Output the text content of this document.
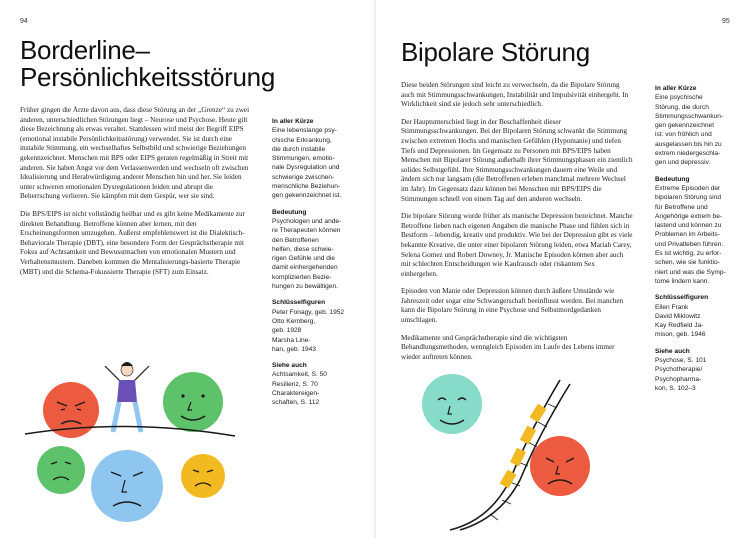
94
Borderline–
Persönlichkeitsstörung

Früher gingen die Ärzte davon aus, dass diese Störung an der „Grenze“ zu zwei anderen, unterschiedlichen Störungen liegt – Neurose und Psychose. Heute gilt diese Bezeichnung als etwas veraltet. Stattdessen wird meist der Begriff EIPS (emotional instabile Persönlichkeitsstörung) verwendet. Sie ist durch eine instabile Stimmung, ein wechselhaftes Selbstbild und schwierige Beziehungen gekennzeichnet. Menschen mit BPS oder EIPS geraten regelmäßig in Streit mit anderen. Sie haben Angst vor dem Verlassenwerden und wechseln oft zwischen Idealisierung und Herabwürdigung anderer Menschen hin und her. Sie leiden unter schweren emotionalen Dysregulationen leiden und abrupt die Beherrschung verlieren. Sie kämpfen mit dem Gespür, wer sie sind.

Die BPS/EIPS ist nicht vollständig heilbar und es gibt keine Medikamente zur direkten Behandlung. Betroffene können aber lernen, mit den Erscheinungsformen umzugehen. Äußerst empfehlenswert ist die Dialektisch-Behaviorale Therapie (DBT), eine besondere Form der Gesprächstherapie mit Fokus auf Achtsamkeit und Bewusstmachen von emotionalen Mustern und Verhaltensmustern. Daneben kommen die Mentalisierungs-basierte Therapie (MBT) und die Schema-Fokussierte Therapie (SFT) zum Einsatz.

In aller Kürze
Eine lebenslange psy-
chische Erkrankung,
die durch instabile
Stimmungen, emotio-
nale Dysregulation und
schwierige zwischen-
menschliche Beziehun-
gen gekennzeichnet ist.
Bedeutung
Psychologen und ande-
re Therapeuten können
den Betroffenen
helfen, diese schwie-
rigen Gefühle und die
damit einhergehenden
komplizierten Bezie-
hungen zu bewältigen.
Schlüsselfiguren
Peter Fonagy, geb. 1952
Otto Kernberg,
geb. 1928
Marsha Line-
han, geb. 1943
Siehe auch
Achtsamkeit, S. 50
Resilienz, S. 70
Charaktereigen-
schaften, S. 112
95
Bipolare Störung

Diese beiden Störungen sind leicht zu verwechseln, da die Bipolare Störung auch mit Stimmungsschwankungen, Instabilität und Impulsivität einhergeht. In Wirklichkeit sind sie jedoch sehr unterschiedlich.

Der Hauptunterschied liegt in der Beschaffenheit dieser Stimmungsschwankungen. Bei der Bipolaren Störung schwankt die Stimmung zwischen extremen Hochs und manischen Gefühlen (Hypomanie) und tiefen Tiefs und Depressionen. Im Gegensatz zu Personen mit BPS/EIPS haben Menschen mit Bipolarer Störung außerhalb ihrer Stimmungsphasen ein ziemlich solides Selbstgefühl. Ihre Stimmungsschwankungen dauern eine Weile und ändern sich nur langsam (die Betroffenen erleben manchmal mehrere Wechsel im Jahr). Im Gegensatz dazu können bei Menschen mit BPS/EIPS die Stimmungen schnell von einem Tag auf den anderen wechseln.

Die bipolare Störung wurde früher als manische Depression bezeichnet. Manche Betroffene lieben nach eigenen Angaben die manische Phase und fühlen sich in Bestform – lebendig, kreativ und produktiv. Wie bei der Depression gibt es viele bekannte Kreative, die unter einer bipolaren Störung leiden, etwa Mariah Carey, Selena Gomez und Robert Downey, Jr. Manische Episoden können aber auch mit schlechten Entscheidungen wie Kaufrausch oder riskantem Sex einhergehen.

Episoden von Manie oder Depression können durch äußere Umstände wie Jahreszeit oder sogar eine Schwangerschaft beeinflusst werden. Bei manchen kann die Bipolare Störung in eine Psychose und Selbstmordgedanken umschlagen.

Medikamente und Gesprächstherapie sind die wichtigsten Behandlungsmethoden, wenngleich Episoden im Laufe des Lebens immer wieder auftreten können.

In aller Kürze
Eine psychische
Störung, die durch
Stimmungsschwankun-
gen gekennzeichnet
ist: von fröhlich und
ausgelassen bis hin zu
extrem niedergeschla-
gen und depressiv.
Bedeutung
Extreme Episoden der
bipolaren Störung sind
für Betroffene und
Angehörige extrem be-
lastend und können zu
Problemen im Arbeits-
und Privatleben führen.
Es ist wichtig, zu erfor-
schen, wie sie funktio-
niert und was die Symp-
tome lindern kann.
Schlüsselfiguren
Ellen Frank
David Miklowitz
Kay Redfield Ja-
mison, geb. 1946
Siehe auch
Psychose, S. 101
Psychotherapie/
Psychopharma-
kon, S. 102–3
